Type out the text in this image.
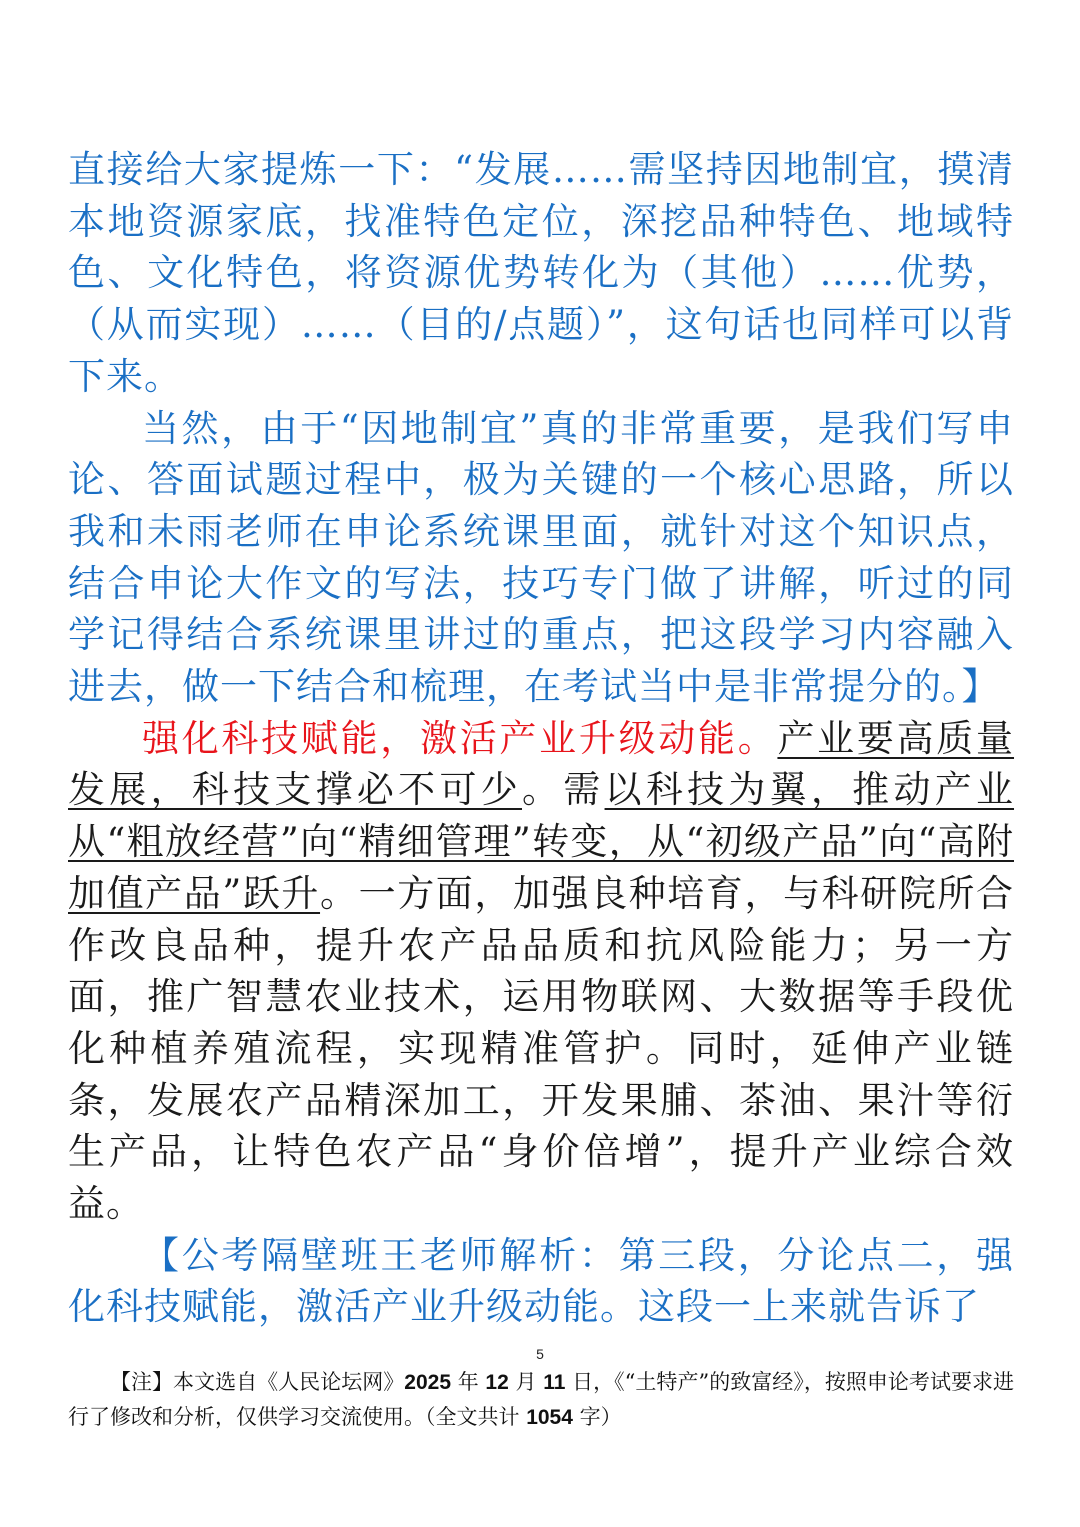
直接给大家提炼一下：“发展……需坚持因地制宜，摸清本地资源家底，找准特色定位，深挖品种特色、地域特色、文化特色，将资源优势转化为（其他）……优势，（从而实现）……（目的/点题）”，这句话也同样可以背下来。

当然，由于“因地制宜”真的非常重要，是我们写申论、答面试题过程中，极为关键的一个核心思路，所以我和未雨老师在申论系统课里面，就针对这个知识点，结合申论大作文的写法，技巧专门做了讲解，听过的同学记得结合系统课里讲过的重点，把这段学习内容融入进去，做一下结合和梳理，在考试当中是非常提分的。】

强化科技赋能，激活产业升级动能。产业要高质量发展，科技支撑必不可少。需以科技为翼，推动产业从“粗放经营”向“精细管理”转变，从“初级产品”向“高附加值产品”跃升。一方面，加强良种培育，与科研院所合作改良品种，提升农产品品质和抗风险能力；另一方面，推广智慧农业技术，运用物联网、大数据等手段优化种植养殖流程，实现精准管护。同时，延伸产业链条，发展农产品精深加工，开发果脯、茶油、果汁等衍生产品，让特色农产品“身价倍增”，提升产业综合效益。

【公考隔壁班王老师解析：第三段，分论点二，强化科技赋能，激活产业升级动能。这段一上来就告诉了

5
【注】本文选自《人民论坛网》2025 年 12 月 11 日，《“土特产”的致富经》，按照申论考试要求进行了修改和分析，仅供学习交流使用。（全文共计 1054 字）
